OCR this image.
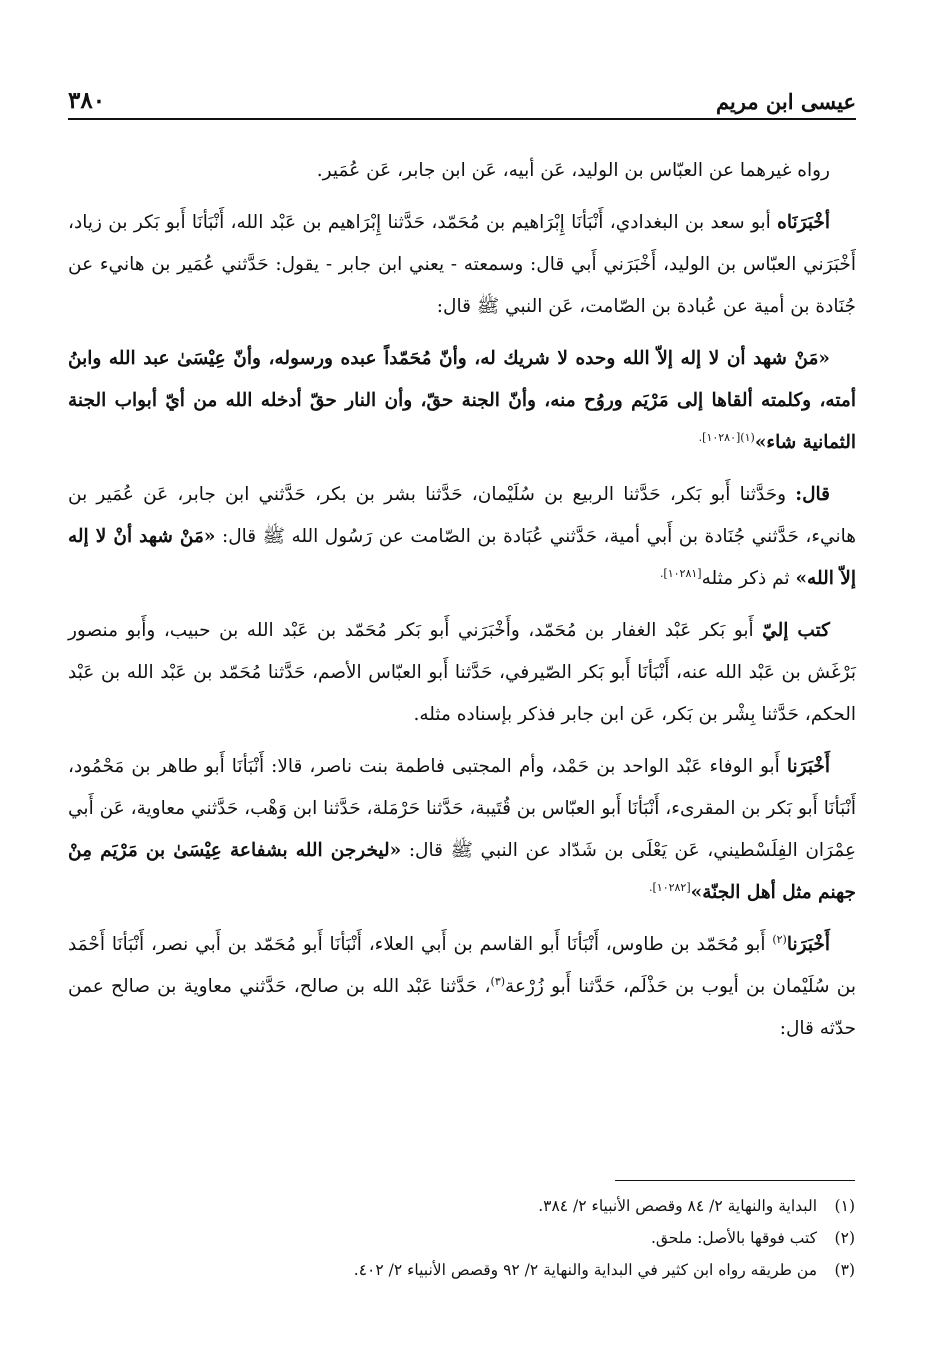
عيسى ابن مريم
٣٨٠

رواه غيرهما عن العبّاس بن الوليد، عَن أبيه، عَن ابن جابر، عَن عُمَير.

أخْبَرَنَاه أبو سعد بن البغدادي، أَنْبَأنَا إِبْرَاهيم بن مُحَمّد، حَدَّثنا إِبْرَاهيم بن عَبْد الله، أَنْبَأنَا أَبو بَكر بن زياد، أَخْبَرَني العبّاس بن الوليد، أَخْبَرَني أَبي قال: وسمعته - يعني ابن جابر - يقول: حَدَّثني عُمَير بن هانيء عن جُنَادة بن أمية عن عُبادة بن الصّامت، عَن النبي ﷺ قال:

«مَنْ شهد أن لا إله إلاّ الله وحده لا شريك له، وأنّ مُحَمّداً عبده ورسوله، وأنّ عِيْسَىٰ عبد الله وابنُ أمته، وكلمته ألقاها إلى مَرْيَم وروُح منه، وأنّ الجنة حقّ، وأن النار حقّ أدخله الله من أيّ أبواب الجنة الثمانية شاء»$^{(١)[١٠٢٨٠].}$

قال: وحَدَّثنا أَبو بَكر، حَدَّثنا الربيع بن سُلَيْمان، حَدَّثنا بشر بن بكر، حَدَّثني ابن جابر، عَن عُمَير بن هانيء، حَدَّثني جُنَادة بن أَبي أمية، حَدَّثني عُبَادة بن الصّامت عن رَسُول الله ﷺ قال: «مَنْ شهد أنْ لا إله إلاّ الله» ثم ذكر مثله$^{[١٠٢٨١].}$

كتب إليّ أَبو بَكر عَبْد الغفار بن مُحَمّد، وأَخْبَرَني أَبو بَكر مُحَمّد بن عَبْد الله بن حبيب، وأَبو منصور بَرْغَش بن عَبْد الله عنه، أَنْبَأنَا أَبو بَكر الصّيرفي، حَدَّثنا أَبو العبّاس الأصم، حَدَّثنا مُحَمّد بن عَبْد الله بن عَبْد الحكم، حَدَّثنا بِشْر بن بَكر، عَن ابن جابر فذكر بإسناده مثله.

أَخْبَرَنا أَبو الوفاء عَبْد الواحد بن حَمْد، وأم المجتبى فاطمة بنت ناصر، قالا: أَنْبَأنَا أَبو طاهر بن مَحْمُود، أَنْبَأنَا أَبو بَكر بن المقرىء، أَنْبَأنَا أَبو العبّاس بن قُتَيبة، حَدَّثنا حَرْمَلة، حَدَّثنا ابن وَهْب، حَدَّثني معاوية، عَن أَبي عِمْرَان الفِلَسْطيني، عَن يَعْلَى بن شَدّاد عن النبي ﷺ قال: «ليخرجن الله بشفاعة عِيْسَىٰ بن مَرْيَم مِنْ جهنم مثل أهل الجنّة»$^{[١٠٢٨٢].}$

أَخْبَرَنا$^{(٢)}$ أَبو مُحَمّد بن طاوس، أَنْبَأنَا أَبو القاسم بن أَبي العلاء، أَنْبَأنَا أَبو مُحَمّد بن أَبي نصر، أَنْبَأنَا أَحْمَد بن سُلَيْمان بن أيوب بن حَذْلَم، حَدَّثنا أَبو زُرْعة$^{(٣)}$، حَدَّثنا عَبْد الله بن صالح، حَدَّثني معاوية بن صالح عمن حدّثه قال:

(١)
البداية والنهاية ٢/ ٨٤ وقصص الأنبياء ٢/ ٣٨٤.
(٢)
كتب فوقها بالأصل: ملحق.
(٣)
من طريقه رواه ابن كثير في البداية والنهاية ٢/ ٩٢ وقصص الأنبياء ٢/ ٤٠٢.
